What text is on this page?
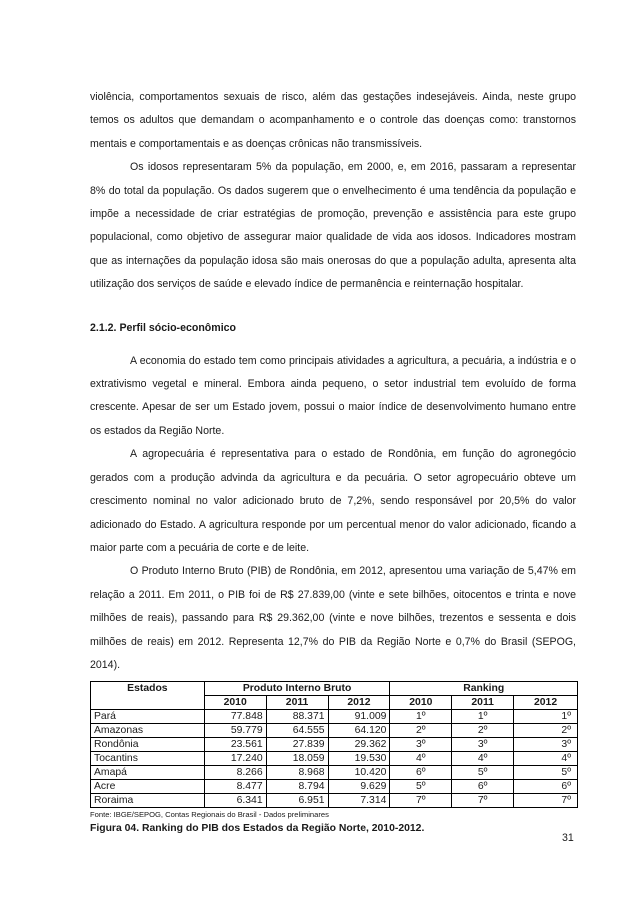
violência, comportamentos sexuais de risco, além das gestações indesejáveis. Ainda, neste grupo temos os adultos que demandam o acompanhamento e o controle das doenças como: transtornos mentais e comportamentais e as doenças crônicas não transmissíveis.

Os idosos representaram 5% da população, em 2000, e, em 2016, passaram a representar 8% do total da população. Os dados sugerem que o envelhecimento é uma tendência da população e impõe a necessidade de criar estratégias de promoção, prevenção e assistência para este grupo populacional, como objetivo de assegurar maior qualidade de vida aos idosos. Indicadores mostram que as internações da população idosa são mais onerosas do que a população adulta, apresenta alta utilização dos serviços de saúde e elevado índice de permanência e reinternação hospitalar.

2.1.2. Perfil sócio-econômico

A economia do estado tem como principais atividades a agricultura, a pecuária, a indústria e o extrativismo vegetal e mineral. Embora ainda pequeno, o setor industrial tem evoluído de forma crescente. Apesar de ser um Estado jovem, possui o maior índice de desenvolvimento humano entre os estados da Região Norte.

A agropecuária é representativa para o estado de Rondônia, em função do agronegócio gerados com a produção advinda da agricultura e da pecuária. O setor agropecuário obteve um crescimento nominal no valor adicionado bruto de 7,2%, sendo responsável por 20,5% do valor adicionado do Estado. A agricultura responde por um percentual menor do valor adicionado, ficando a maior parte com a pecuária de corte e de leite.

O Produto Interno Bruto (PIB) de Rondônia, em 2012, apresentou uma variação de 5,47% em relação a 2011. Em 2011, o PIB foi de R$ 27.839,00 (vinte e sete bilhões, oitocentos e trinta e nove milhões de reais), passando para R$ 29.362,00 (vinte e nove bilhões, trezentos e sessenta e dois milhões de reais) em 2012. Representa 12,7% do PIB da Região Norte e 0,7% do Brasil (SEPOG, 2014).

Estados	Produto Interno Bruto			Ranking		
	2010	2011	2012	2010	2011	2012
Pará	77.848	88.371	91.009	1º	1º	1º
Amazonas	59.779	64.555	64.120	2º	2º	2º
Rondônia	23.561	27.839	29.362	3º	3º	3º
Tocantins	17.240	18.059	19.530	4º	4º	4º
Amapá	8.266	8.968	10.420	6º	5º	5º
Acre	8.477	8.794	9.629	5º	6º	6º
Roraima	6.341	6.951	7.314	7º	7º	7º
Fonte: IBGE/SEPOG, Contas Regionais do Brasil - Dados preliminares
Figura 04. Ranking do PIB dos Estados da Região Norte, 2010-2012.
31
